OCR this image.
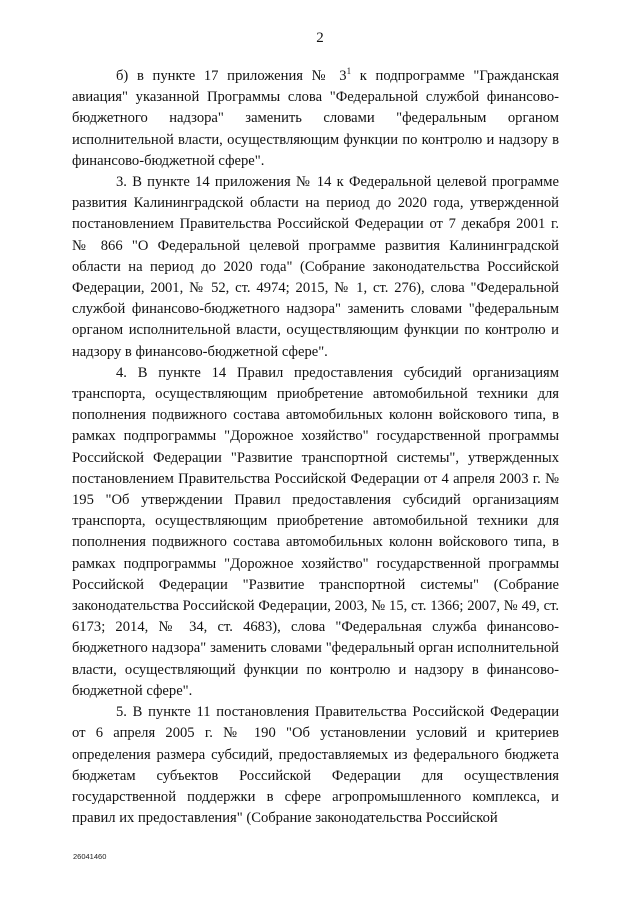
2

б) в пункте 17 приложения № $3^1$ к подпрограмме "Гражданская авиация" указанной Программы слова "Федеральной службой финансово-бюджетного надзора" заменить словами "федеральным органом исполнительной власти, осуществляющим функции по контролю и надзору в финансово-бюджетной сфере".

3. В пункте 14 приложения № 14 к Федеральной целевой программе развития Калининградской области на период до 2020 года, утвержденной постановлением Правительства Российской Федерации от 7 декабря 2001 г. № 866 "О Федеральной целевой программе развития Калининградской области на период до 2020 года" (Собрание законодательства Российской Федерации, 2001, № 52, ст. 4974; 2015, № 1, ст. 276), слова "Федеральной службой финансово-бюджетного надзора" заменить словами "федеральным органом исполнительной власти, осуществляющим функции по контролю и надзору в финансово-бюджетной сфере".

4. В пункте 14 Правил предоставления субсидий организациям транспорта, осуществляющим приобретение автомобильной техники для пополнения подвижного состава автомобильных колонн войскового типа, в рамках подпрограммы "Дорожное хозяйство" государственной программы Российской Федерации "Развитие транспортной системы", утвержденных постановлением Правительства Российской Федерации от 4 апреля 2003 г. № 195 "Об утверждении Правил предоставления субсидий организациям транспорта, осуществляющим приобретение автомобильной техники для пополнения подвижного состава автомобильных колонн войскового типа, в рамках подпрограммы "Дорожное хозяйство" государственной программы Российской Федерации "Развитие транспортной системы" (Собрание законодательства Российской Федерации, 2003, № 15, ст. 1366; 2007, № 49, ст. 6173; 2014, № 34, ст. 4683), слова "Федеральная служба финансово-бюджетного надзора" заменить словами "федеральный орган исполнительной власти, осуществляющий функции по контролю и надзору в финансово-бюджетной сфере".

5. В пункте 11 постановления Правительства Российской Федерации от 6 апреля 2005 г. № 190 "Об установлении условий и критериев определения размера субсидий, предоставляемых из федерального бюджета бюджетам субъектов Российской Федерации для осуществления государственной поддержки в сфере агропромышленного комплекса, и правил их предоставления" (Собрание законодательства Российской

26041460
